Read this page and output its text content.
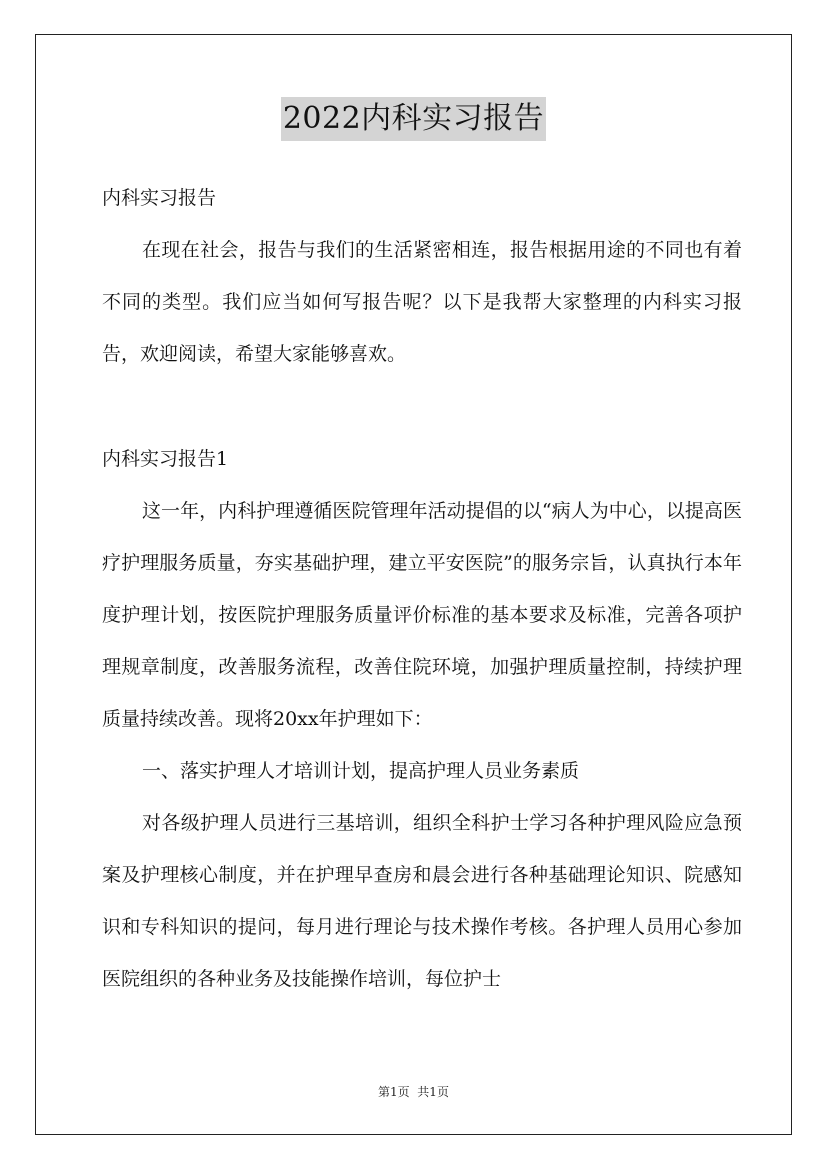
2022内科实习报告

内科实习报告

在现在社会，报告与我们的生活紧密相连，报告根据用途的不同也有着不同的类型。我们应当如何写报告呢？以下是我帮大家整理的内科实习报告，欢迎阅读，希望大家能够喜欢。

内科实习报告1

这一年，内科护理遵循医院管理年活动提倡的以“病人为中心，以提高医疗护理服务质量，夯实基础护理，建立平安医院”的服务宗旨，认真执行本年度护理计划，按医院护理服务质量评价标准的基本要求及标准，完善各项护理规章制度，改善服务流程，改善住院环境，加强护理质量控制，持续护理质量持续改善。现将20xx年护理如下：

一、落实护理人才培训计划，提高护理人员业务素质

对各级护理人员进行三基培训，组织全科护士学习各种护理风险应急预案及护理核心制度，并在护理早查房和晨会进行各种基础理论知识、院感知识和专科知识的提问，每月进行理论与技术操作考核。各护理人员用心参加医院组织的各种业务及技能操作培训，每位护士

第1页  共1页
